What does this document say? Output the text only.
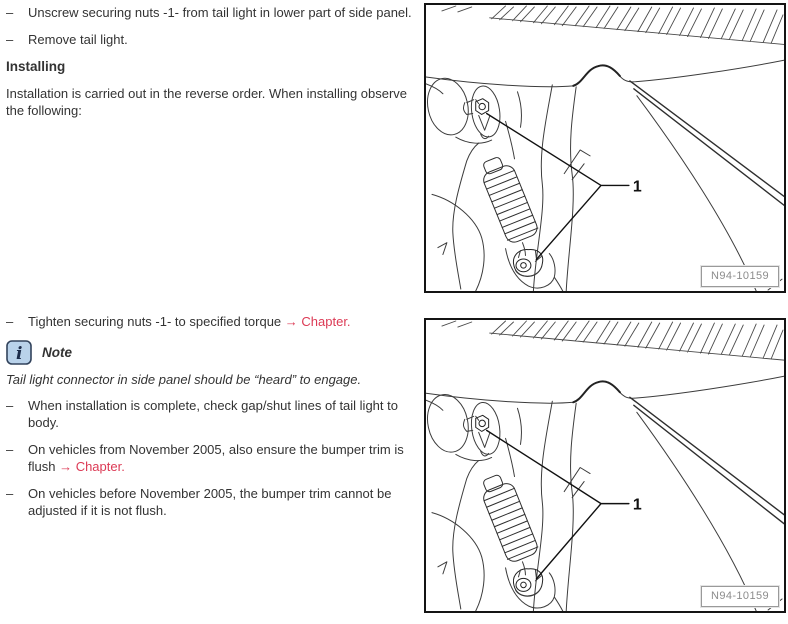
–	Unscrew securing nuts -1- from tail light in lower part of side panel.
–	Remove tail light.
Installing
Installation is carried out in the reverse order. When installing observe the following:
–	Tighten securing nuts -1- to specified torque → Chapter.
i Note
Tail light connector in side panel should be “heard” to engage.
–	When installation is complete, check gap/shut lines of tail light to body.
–	On vehicles from November 2005, also ensure the bumper trim is flush → Chapter.
–	On vehicles before November 2005, the bumper trim cannot be adjusted if it is not flush.
1
N94-10159
1
N94-10159
